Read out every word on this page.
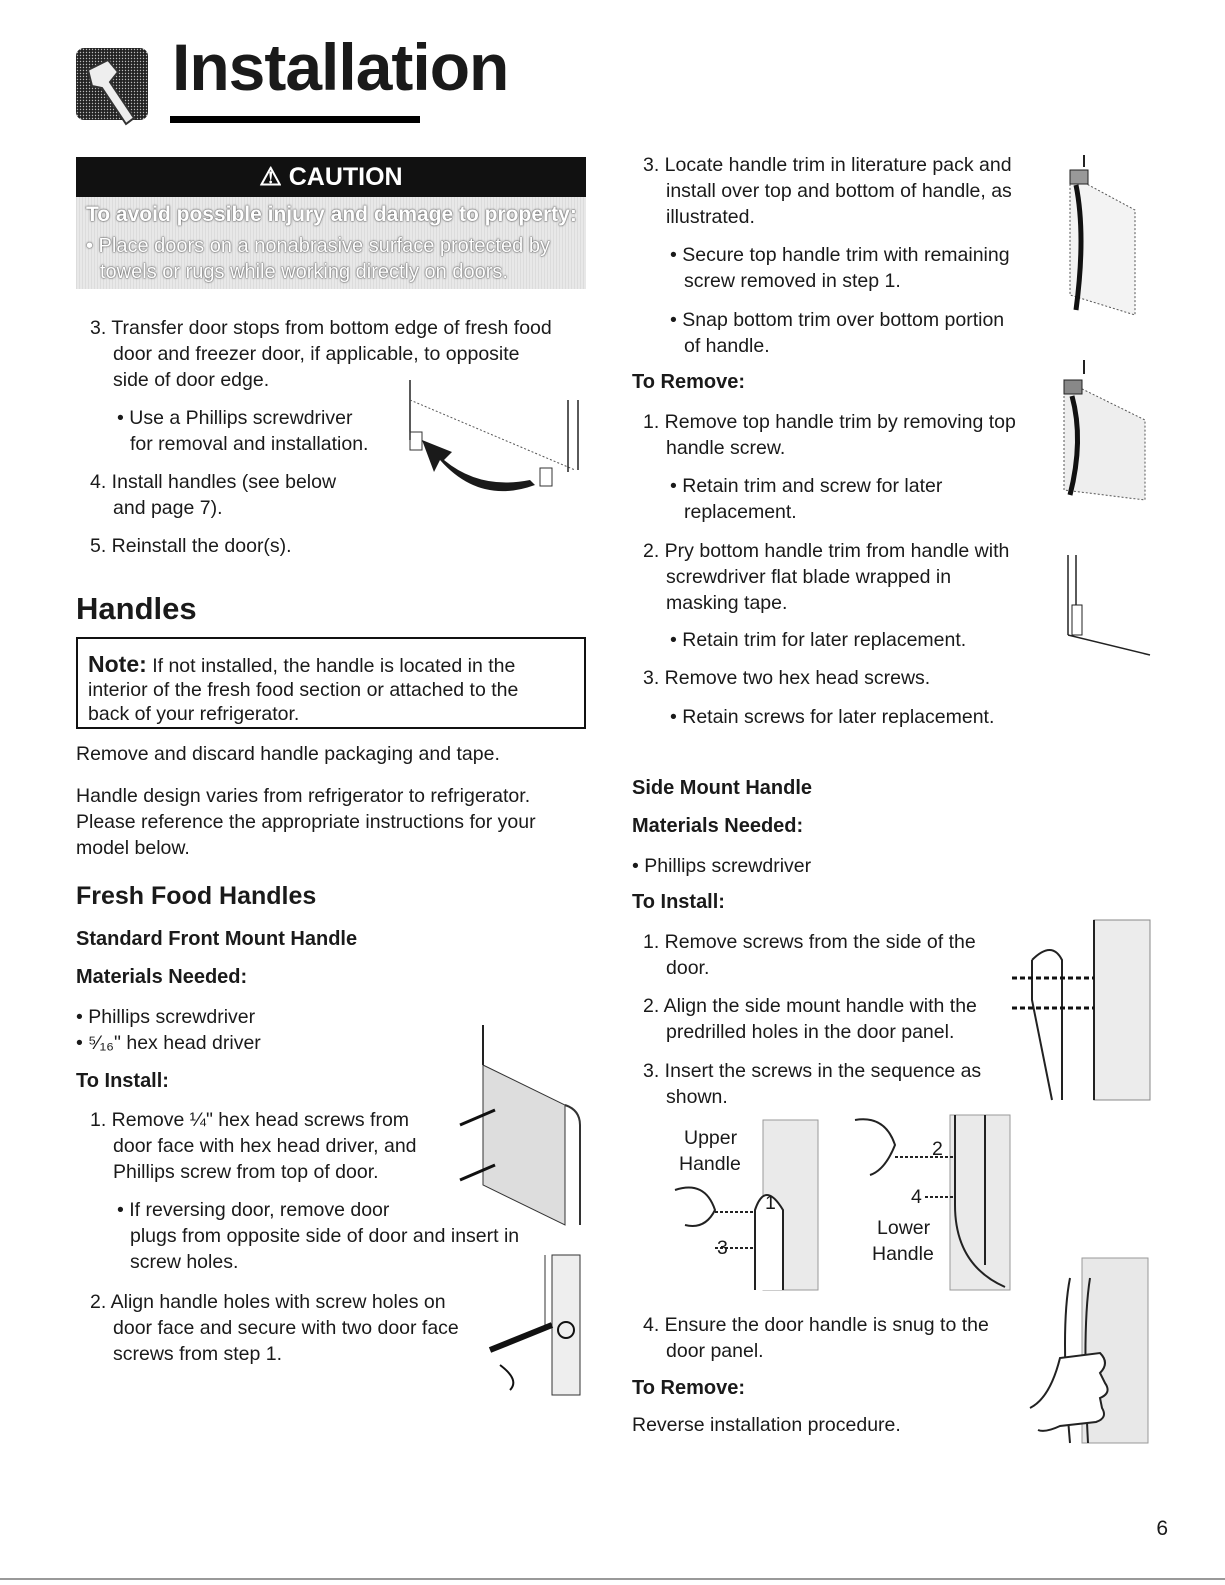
Installation
⚠ CAUTION
To avoid possible injury and damage to property:
• Place doors on a nonabrasive surface protected by
towels or rugs while working directly on doors.
3. Transfer door stops from bottom edge of fresh food
door and freezer door, if applicable, to opposite
side of door edge.
• Use a Phillips screwdriver
for removal and installation.
4. Install handles (see below
and page 7).
5. Reinstall the door(s).
Handles
Note: If not installed, the handle is located in the
interior of the fresh food section or attached to the
back of your refrigerator.
Remove and discard handle packaging and tape.
Handle design varies from refrigerator to refrigerator.
Please reference the appropriate instructions for your
model below.
Fresh Food Handles
Standard Front Mount Handle
Materials Needed:
• Phillips screwdriver
• ⁵⁄₁₆" hex head driver
To Install:
1. Remove ¼" hex head screws from
door face with hex head driver, and
Phillips screw from top of door.
• If reversing door, remove door
plugs from opposite side of door and insert in
screw holes.
2. Align handle holes with screw holes on
door face and secure with two door face
screws from step 1.
3. Locate handle trim in literature pack and
install over top and bottom of handle, as
illustrated.
• Secure top handle trim with remaining
screw removed in step 1.
• Snap bottom trim over bottom portion
of handle.
To Remove:
1. Remove top handle trim by removing top
handle screw.
• Retain trim and screw for later
replacement.
2. Pry bottom handle trim from handle with
screwdriver flat blade wrapped in
masking tape.
• Retain trim for later replacement.
3. Remove two hex head screws.
• Retain screws for later replacement.
Side Mount Handle
Materials Needed:
• Phillips screwdriver
To Install:
1. Remove screws from the side of the
door.
2. Align the side mount handle with the
predrilled holes in the door panel.
3. Insert the screws in the sequence as
shown.
Upper
Handle
1
3
2
4
Lower
Handle
4. Ensure the door handle is snug to the
door panel.
To Remove:
Reverse installation procedure.
6
